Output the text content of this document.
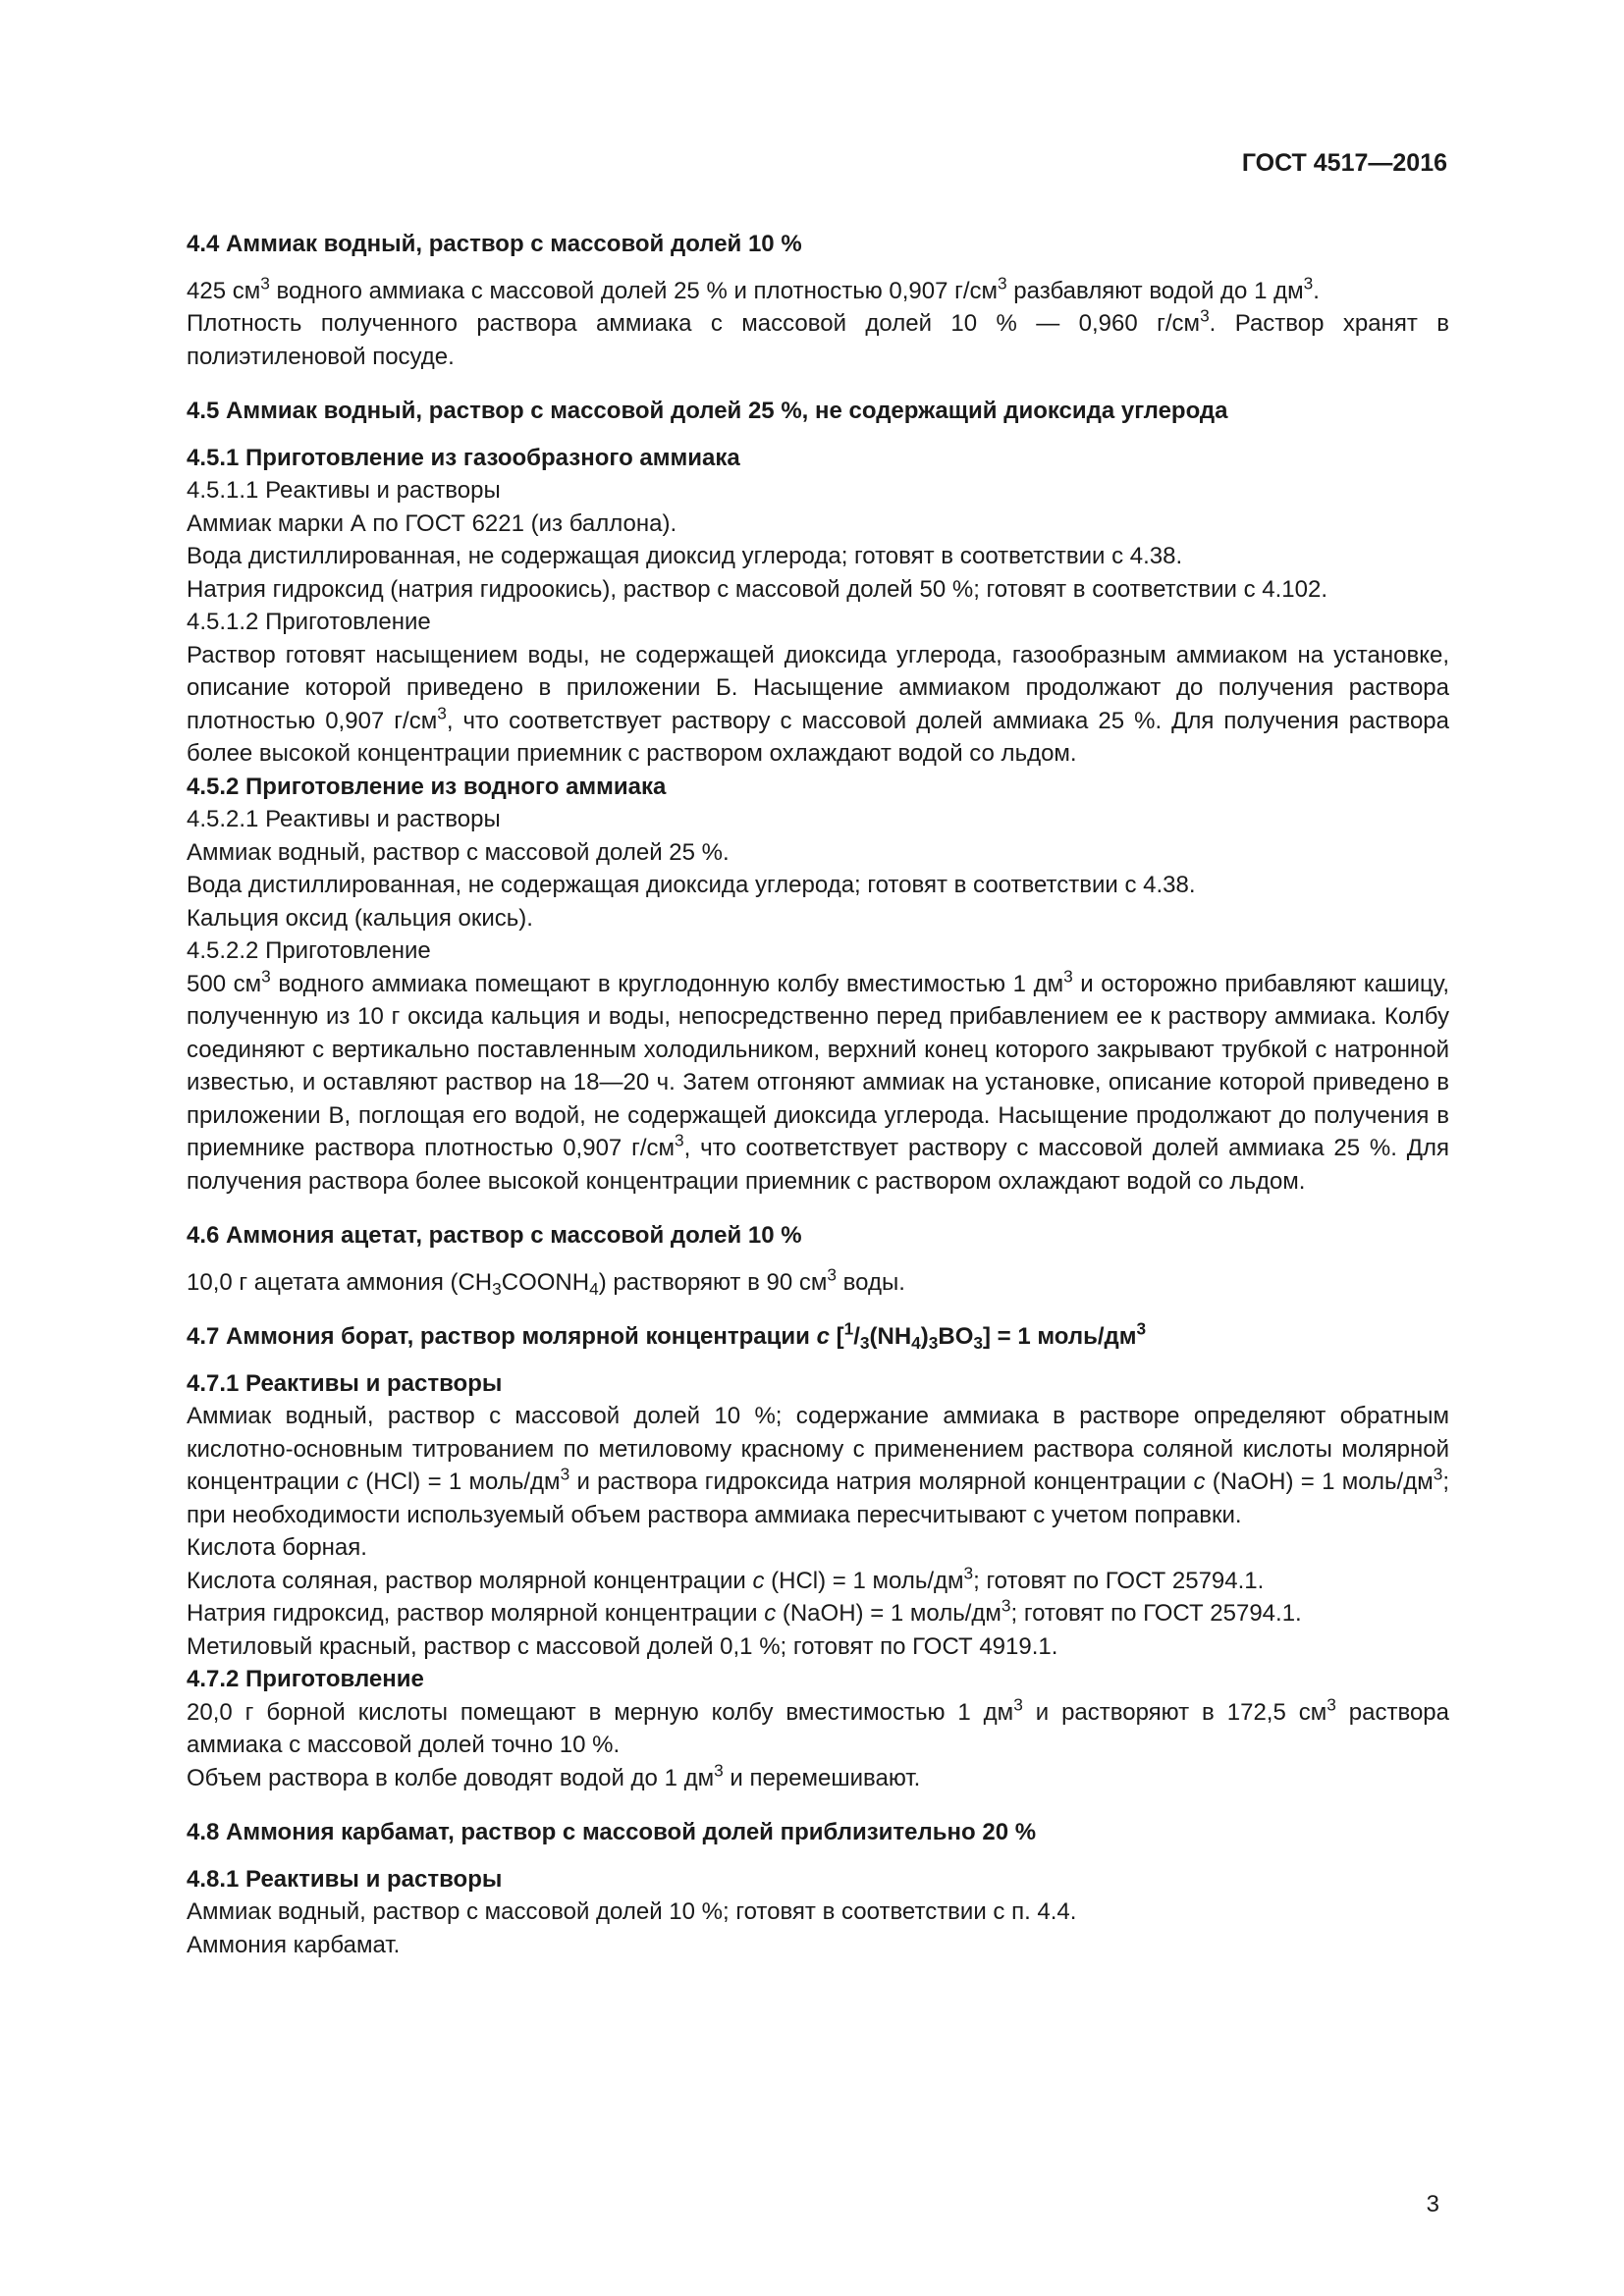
ГОСТ 4517—2016

4.4 Аммиак водный, раствор с массовой долей 10 %

425 $см^3$ водного аммиака с массовой долей 25 % и плотностью 0,907 $г/см^3$ разбавляют водой до 1 $дм^3$.

Плотность полученного раствора аммиака с массовой долей 10 % — 0,960 $г/см^3$. Раствор хранят в полиэтиленовой посуде.

4.5 Аммиак водный, раствор с массовой долей 25 %, не содержащий диоксида углерода

4.5.1 Приготовление из газообразного аммиака

4.5.1.1 Реактивы и растворы

Аммиак марки А по ГОСТ 6221 (из баллона).

Вода дистиллированная, не содержащая диоксид углерода; готовят в соответствии с 4.38.

Натрия гидроксид (натрия гидроокись), раствор с массовой долей 50 %; готовят в соответствии с 4.102.

4.5.1.2 Приготовление

Раствор готовят насыщением воды, не содержащей диоксида углерода, газообразным аммиаком на установке, описание которой приведено в приложении Б. Насыщение аммиаком продолжают до получения раствора плотностью 0,907 $г/см^3$, что соответствует раствору с массовой долей аммиака 25 %. Для получения раствора более высокой концентрации приемник с раствором охлаждают водой со льдом.

4.5.2 Приготовление из водного аммиака

4.5.2.1 Реактивы и растворы

Аммиак водный, раствор с массовой долей 25 %.

Вода дистиллированная, не содержащая диоксида углерода; готовят в соответствии с 4.38.

Кальция оксид (кальция окись).

4.5.2.2 Приготовление

500 $см^3$ водного аммиака помещают в круглодонную колбу вместимостью 1 $дм^3$ и осторожно прибавляют кашицу, полученную из 10 г оксида кальция и воды, непосредственно перед прибавлением ее к раствору аммиака. Колбу соединяют с вертикально поставленным холодильником, верхний конец которого закрывают трубкой с натронной известью, и оставляют раствор на 18—20 ч. Затем отгоняют аммиак на установке, описание которой приведено в приложении В, поглощая его водой, не содержащей диоксида углерода. Насыщение продолжают до получения в приемнике раствора плотностью 0,907 $г/см^3$, что соответствует раствору с массовой долей аммиака 25 %. Для получения раствора более высокой концентрации приемник с раствором охлаждают водой со льдом.

4.6 Аммония ацетат, раствор с массовой долей 10 %

10,0 г ацетата аммония $(CH_3COONH_4)$ растворяют в 90 $см^3$ воды.

4.7 Аммония борат, раствор молярной концентрации c $[^1/_3(NH_4)_3BO_3] = 1$ моль/$дм^3$

4.7.1 Реактивы и растворы

Аммиак водный, раствор с массовой долей 10 %; содержание аммиака в растворе определяют обратным кислотно-основным титрованием по метиловому красному с применением раствора соляной кислоты молярной концентрации c (HCl) = 1 моль/$дм^3$ и раствора гидроксида натрия молярной концентрации c (NaOH) = 1 моль/$дм^3$; при необходимости используемый объем раствора аммиака пересчитывают с учетом поправки.

Кислота борная.

Кислота соляная, раствор молярной концентрации c (HCl) = 1 моль/$дм^3$; готовят по ГОСТ 25794.1.

Натрия гидроксид, раствор молярной концентрации c (NaOH) = 1 моль/$дм^3$; готовят по ГОСТ 25794.1.

Метиловый красный, раствор с массовой долей 0,1 %; готовят по ГОСТ 4919.1.

4.7.2 Приготовление

20,0 г борной кислоты помещают в мерную колбу вместимостью 1 $дм^3$ и растворяют в 172,5 $см^3$ раствора аммиака с массовой долей точно 10 %.

Объем раствора в колбе доводят водой до 1 $дм^3$ и перемешивают.

4.8 Аммония карбамат, раствор с массовой долей приблизительно 20 %

4.8.1 Реактивы и растворы

Аммиак водный, раствор с массовой долей 10 %; готовят в соответствии с п. 4.4.

Аммония карбамат.

3
